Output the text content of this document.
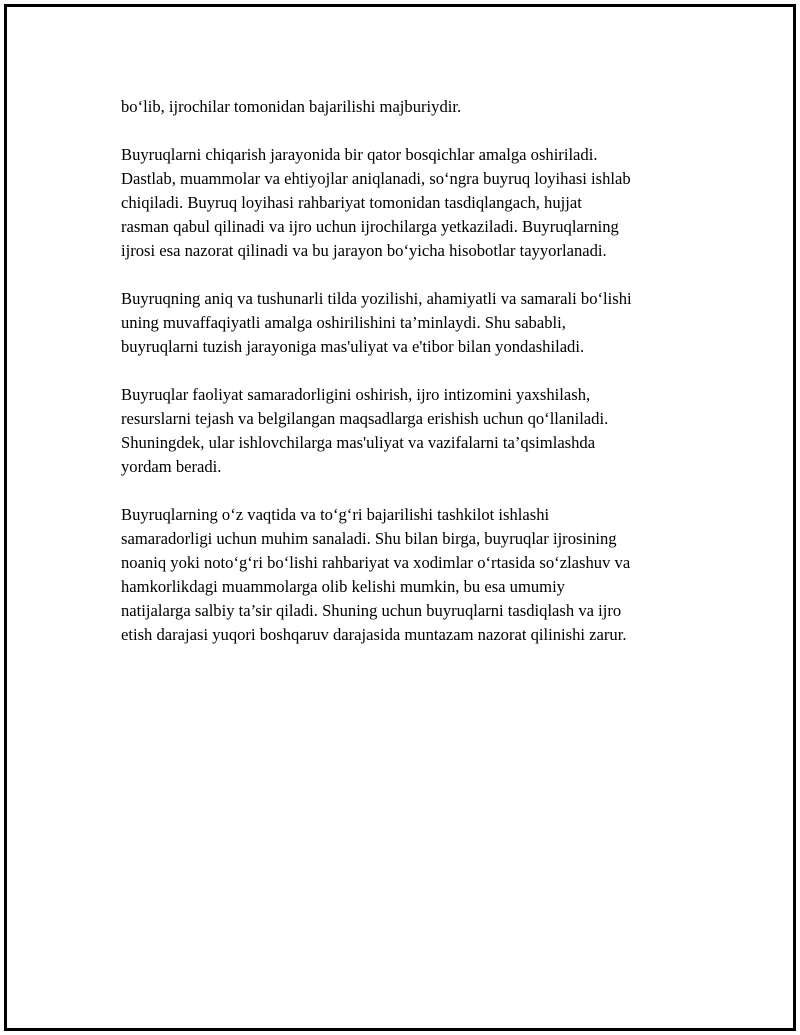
bo‘lib, ijrochilar tomonidan bajarilishi majburiydir.

Buyruqlarni chiqarish jarayonida bir qator bosqichlar amalga oshiriladi.
Dastlab, muammolar va ehtiyojlar aniqlanadi, so‘ngra buyruq loyihasi ishlab
chiqiladi. Buyruq loyihasi rahbariyat tomonidan tasdiqlangach, hujjat
rasman qabul qilinadi va ijro uchun ijrochilarga yetkaziladi. Buyruqlarning
ijrosi esa nazorat qilinadi va bu jarayon bo‘yicha hisobotlar tayyorlanadi.

Buyruqning aniq va tushunarli tilda yozilishi, ahamiyatli va samarali bo‘lishi
uning muvaffaqiyatli amalga oshirilishini ta’minlaydi. Shu sababli,
buyruqlarni tuzish jarayoniga mas'uliyat va e'tibor bilan yondashiladi.

Buyruqlar faoliyat samaradorligini oshirish, ijro intizomini yaxshilash,
resurslarni tejash va belgilangan maqsadlarga erishish uchun qo‘llaniladi.
Shuningdek, ular ishlovchilarga mas'uliyat va vazifalarni ta’qsimlashda
yordam beradi.

Buyruqlarning o‘z vaqtida va to‘g‘ri bajarilishi tashkilot ishlashi
samaradorligi uchun muhim sanaladi. Shu bilan birga, buyruqlar ijrosining
noaniq yoki noto‘g‘ri bo‘lishi rahbariyat va xodimlar o‘rtasida so‘zlashuv va
hamkorlikdagi muammolarga olib kelishi mumkin, bu esa umumiy
natijalarga salbiy ta’sir qiladi. Shuning uchun buyruqlarni tasdiqlash va ijro
etish darajasi yuqori boshqaruv darajasida muntazam nazorat qilinishi zarur.
